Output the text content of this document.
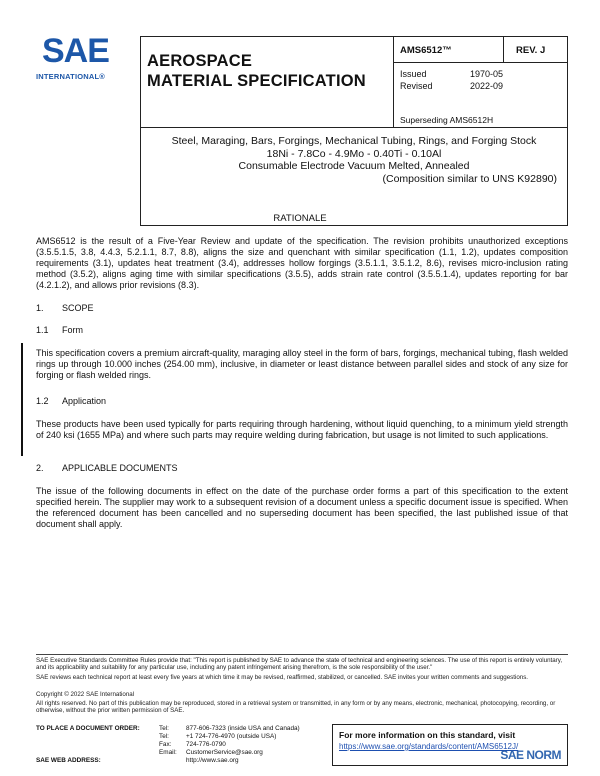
SAE
INTERNATIONAL®
AEROSPACE
MATERIAL SPECIFICATION
AMS6512™	REV. J
Issued	1970-05
Revised	2022-09
Superseding AMS6512H
Steel, Maraging, Bars, Forgings, Mechanical Tubing, Rings, and Forging Stock
18Ni - 7.8Co - 4.9Mo - 0.40Ti - 0.10Al
Consumable Electrode Vacuum Melted, Annealed
(Composition similar to UNS K92890)
RATIONALE
AMS6512 is the result of a Five-Year Review and update of the specification. The revision prohibits unauthorized exceptions (3.5.5.1.5, 3.8, 4.4.3, 5.2.1.1, 8.7, 8.8), aligns the size and quenchant with similar specification (1.1, 1.2), updates composition requirements (3.1), updates heat treatment (3.4), addresses hollow forgings (3.5.1.1, 3.5.1.2, 8.6), revises micro-inclusion rating method (3.5.2), aligns aging time with similar specifications (3.5.5), adds strain rate control (3.5.5.1.4), updates reporting for bar (4.2.1.2), and allows prior revisions (8.3).
1. SCOPE
1.1 Form
This specification covers a premium aircraft-quality, maraging alloy steel in the form of bars, forgings, mechanical tubing, flash welded rings up through 10.000 inches (254.00 mm), inclusive, in diameter or least distance between parallel sides and stock of any size for forging or flash welded rings.
1.2 Application
These products have been used typically for parts requiring through hardening, without liquid quenching, to a minimum yield strength of 240 ksi (1655 MPa) and where such parts may require welding during fabrication, but usage is not limited to such applications.
2. APPLICABLE DOCUMENTS
The issue of the following documents in effect on the date of the purchase order forms a part of this specification to the extent specified herein. The supplier may work to a subsequent revision of a document unless a specific document issue is specified. When the referenced document has been cancelled and no superseding document has been specified, the last published issue of that document shall apply.
SAE Executive Standards Committee Rules provide that: "This report is published by SAE to advance the state of technical and engineering sciences. The use of this report is entirely voluntary, and its applicability and suitability for any particular use, including any patent infringement arising therefrom, is the sole responsibility of the user."
SAE reviews each technical report at least every five years at which time it may be revised, reaffirmed, stabilized, or cancelled. SAE invites your written comments and suggestions.
Copyright © 2022 SAE International
All rights reserved. No part of this publication may be reproduced, stored in a retrieval system or transmitted, in any form or by any means, electronic, mechanical, photocopying, recording, or otherwise, without the prior written permission of SAE.
TO PLACE A DOCUMENT ORDER:	Tel:	877-606-7323 (inside USA and Canada)
Tel:	+1 724-776-4970 (outside USA)
Fax: 724-776-0790
Email: CustomerService@sae.org
SAE WEB ADDRESS:	http://www.sae.org
For more information on this standard, visit
https://www.sae.org/standards/content/AMS6512J/
SAE NORM
